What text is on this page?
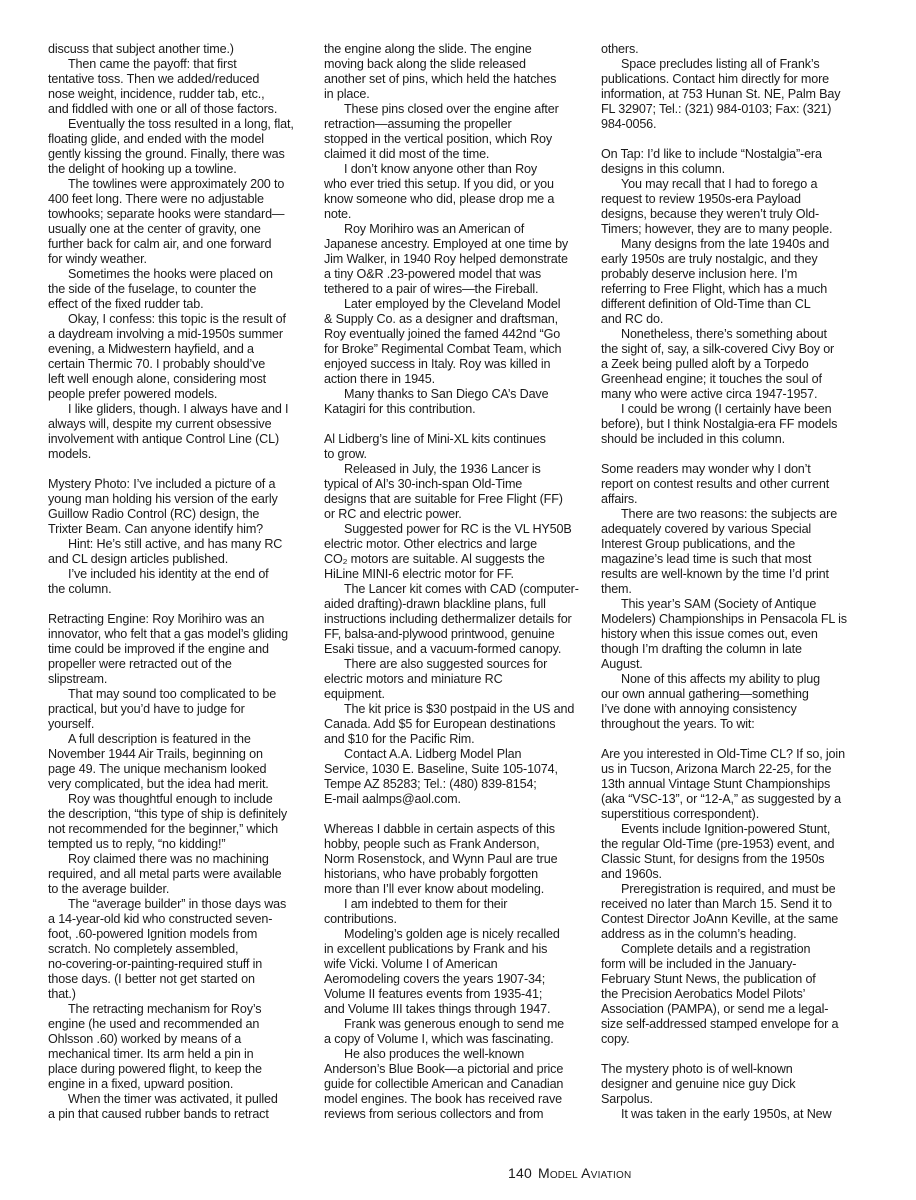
discuss that subject another time.)
Then came the payoff: that first
tentative toss. Then we added/reduced
nose weight, incidence, rudder tab, etc.,
and fiddled with one or all of those factors.
Eventually the toss resulted in a long, flat,
floating glide, and ended with the model
gently kissing the ground. Finally, there was
the delight of hooking up a towline.
The towlines were approximately 200 to
400 feet long. There were no adjustable
towhooks; separate hooks were standard—
usually one at the center of gravity, one
further back for calm air, and one forward
for windy weather.
Sometimes the hooks were placed on
the side of the fuselage, to counter the
effect of the fixed rudder tab.
Okay, I confess: this topic is the result of
a daydream involving a mid-1950s summer
evening, a Midwestern hayfield, and a
certain Thermic 70. I probably should’ve
left well enough alone, considering most
people prefer powered models.
I like gliders, though. I always have and I
always will, despite my current obsessive
involvement with antique Control Line (CL)
models.
Mystery Photo: I’ve included a picture of a
young man holding his version of the early
Guillow Radio Control (RC) design, the
Trixter Beam. Can anyone identify him?
Hint: He’s still active, and has many RC
and CL design articles published.
I’ve included his identity at the end of
the column.
Retracting Engine: Roy Morihiro was an
innovator, who felt that a gas model’s gliding
time could be improved if the engine and
propeller were retracted out of the
slipstream.
That may sound too complicated to be
practical, but you’d have to judge for
yourself.
A full description is featured in the
November 1944 Air Trails, beginning on
page 49. The unique mechanism looked
very complicated, but the idea had merit.
Roy was thoughtful enough to include
the description, “this type of ship is definitely
not recommended for the beginner,” which
tempted us to reply, “no kidding!”
Roy claimed there was no machining
required, and all metal parts were available
to the average builder.
The “average builder” in those days was
a 14-year-old kid who constructed seven-
foot, .60-powered Ignition models from
scratch. No completely assembled,
no-covering-or-painting-required stuff in
those days. (I better not get started on
that.)
The retracting mechanism for Roy’s
engine (he used and recommended an
Ohlsson .60) worked by means of a
mechanical timer. Its arm held a pin in
place during powered flight, to keep the
engine in a fixed, upward position.
When the timer was activated, it pulled
a pin that caused rubber bands to retract
the engine along the slide. The engine
moving back along the slide released
another set of pins, which held the hatches
in place.
These pins closed over the engine after
retraction—assuming the propeller
stopped in the vertical position, which Roy
claimed it did most of the time.
I don’t know anyone other than Roy
who ever tried this setup. If you did, or you
know someone who did, please drop me a
note.
Roy Morihiro was an American of
Japanese ancestry. Employed at one time by
Jim Walker, in 1940 Roy helped demonstrate
a tiny O&R .23-powered model that was
tethered to a pair of wires—the Fireball.
Later employed by the Cleveland Model
& Supply Co. as a designer and draftsman,
Roy eventually joined the famed 442nd “Go
for Broke” Regimental Combat Team, which
enjoyed success in Italy. Roy was killed in
action there in 1945.
Many thanks to San Diego CA’s Dave
Katagiri for this contribution.
Al Lidberg’s line of Mini-XL kits continues
to grow.
Released in July, the 1936 Lancer is
typical of Al’s 30-inch-span Old-Time
designs that are suitable for Free Flight (FF)
or RC and electric power.
Suggested power for RC is the VL HY50B
electric motor. Other electrics and large
CO₂ motors are suitable. Al suggests the
HiLine MINI-6 electric motor for FF.
The Lancer kit comes with CAD (computer-
aided drafting)-drawn blackline plans, full
instructions including dethermalizer details for
FF, balsa-and-plywood printwood, genuine
Esaki tissue, and a vacuum-formed canopy.
There are also suggested sources for
electric motors and miniature RC
equipment.
The kit price is $30 postpaid in the US and
Canada. Add $5 for European destinations
and $10 for the Pacific Rim.
Contact A.A. Lidberg Model Plan
Service, 1030 E. Baseline, Suite 105-1074,
Tempe AZ 85283; Tel.: (480) 839-8154;
E-mail aalmps@aol.com.
Whereas I dabble in certain aspects of this
hobby, people such as Frank Anderson,
Norm Rosenstock, and Wynn Paul are true
historians, who have probably forgotten
more than I’ll ever know about modeling.
I am indebted to them for their
contributions.
Modeling’s golden age is nicely recalled
in excellent publications by Frank and his
wife Vicki. Volume I of American
Aeromodeling covers the years 1907-34;
Volume II features events from 1935-41;
and Volume III takes things through 1947.
Frank was generous enough to send me
a copy of Volume I, which was fascinating.
He also produces the well-known
Anderson’s Blue Book—a pictorial and price
guide for collectible American and Canadian
model engines. The book has received rave
reviews from serious collectors and from
others.
Space precludes listing all of Frank’s
publications. Contact him directly for more
information, at 753 Hunan St. NE, Palm Bay
FL 32907; Tel.: (321) 984-0103; Fax: (321)
984-0056.
On Tap: I’d like to include “Nostalgia”-era
designs in this column.
You may recall that I had to forego a
request to review 1950s-era Payload
designs, because they weren’t truly Old-
Timers; however, they are to many people.
Many designs from the late 1940s and
early 1950s are truly nostalgic, and they
probably deserve inclusion here. I’m
referring to Free Flight, which has a much
different definition of Old-Time than CL
and RC do.
Nonetheless, there’s something about
the sight of, say, a silk-covered Civy Boy or
a Zeek being pulled aloft by a Torpedo
Greenhead engine; it touches the soul of
many who were active circa 1947-1957.
I could be wrong (I certainly have been
before), but I think Nostalgia-era FF models
should be included in this column.
Some readers may wonder why I don’t
report on contest results and other current
affairs.
There are two reasons: the subjects are
adequately covered by various Special
Interest Group publications, and the
magazine’s lead time is such that most
results are well-known by the time I’d print
them.
This year’s SAM (Society of Antique
Modelers) Championships in Pensacola FL is
history when this issue comes out, even
though I’m drafting the column in late
August.
None of this affects my ability to plug
our own annual gathering—something
I’ve done with annoying consistency
throughout the years. To wit:
Are you interested in Old-Time CL? If so, join
us in Tucson, Arizona March 22-25, for the
13th annual Vintage Stunt Championships
(aka “VSC-13”, or “12-A,” as suggested by a
superstitious correspondent).
Events include Ignition-powered Stunt,
the regular Old-Time (pre-1953) event, and
Classic Stunt, for designs from the 1950s
and 1960s.
Preregistration is required, and must be
received no later than March 15. Send it to
Contest Director JoAnn Keville, at the same
address as in the column’s heading.
Complete details and a registration
form will be included in the January-
February Stunt News, the publication of
the Precision Aerobatics Model Pilots’
Association (PAMPA), or send me a legal-
size self-addressed stamped envelope for a
copy.
The mystery photo is of well-known
designer and genuine nice guy Dick
Sarpolus.
It was taken in the early 1950s, at New
140 Model Aviation
